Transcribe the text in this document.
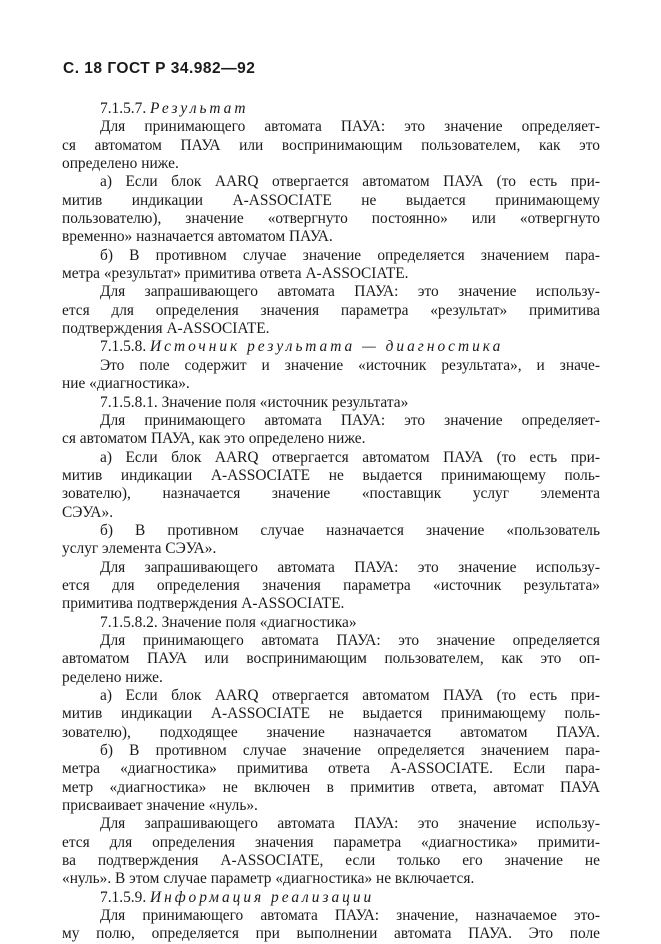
С. 18 ГОСТ Р 34.982—92
7.1.5.7. Результат
Для принимающего автомата ПАУА: это значение определяет-
ся автоматом ПАУА или воспринимающим пользователем, как это
определено ниже.
а) Если блок AARQ отвергается автоматом ПАУА (то есть при-
митив индикации A-ASSOCIATE не выдается принимающему
пользователю), значение «отвергнуто постоянно» или «отвергнуто
временно» назначается автоматом ПАУА.
б) В противном случае значение определяется значением пара-
метра «результат» примитива ответа A-ASSOCIATE.
Для запрашивающего автомата ПАУА: это значение использу-
ется для определения значения параметра «результат» примитива
подтверждения A-ASSOCIATE.
7.1.5.8. Источник результата — диагностика
Это поле содержит и значение «источник результата», и значе-
ние «диагностика».
7.1.5.8.1. Значение поля «источник результата»
Для принимающего автомата ПАУА: это значение определяет-
ся автоматом ПАУА, как это определено ниже.
а) Если блок AARQ отвергается автоматом ПАУА (то есть при-
митив индикации A-ASSOCIATE не выдается принимающему поль-
зователю), назначается значение «поставщик услуг элемента
СЭУА».
б) В противном случае назначается значение «пользователь
услуг элемента СЭУА».
Для запрашивающего автомата ПАУА: это значение использу-
ется для определения значения параметра «источник результата»
примитива подтверждения A-ASSOCIATE.
7.1.5.8.2. Значение поля «диагностика»
Для принимающего автомата ПАУА: это значение определяется
автоматом ПАУА или воспринимающим пользователем, как это оп-
ределено ниже.
а) Если блок AARQ отвергается автоматом ПАУА (то есть при-
митив индикации A-ASSOCIATE не выдается принимающему поль-
зователю), подходящее значение назначается автоматом ПАУА.
б) В противном случае значение определяется значением пара-
метра «диагностика» примитива ответа A-ASSOCIATE. Если пара-
метр «диагностика» не включен в примитив ответа, автомат ПАУА
присваивает значение «нуль».
Для запрашивающего автомата ПАУА: это значение использу-
ется для определения значения параметра «диагностика» примити-
ва подтверждения A-ASSOCIATE, если только его значение не
«нуль». В этом случае параметр «диагностика» не включается.
7.1.5.9. Информация реализации
Для принимающего автомата ПАУА: значение, назначаемое это-
му полю, определяется при выполнении автомата ПАУА. Это поле
